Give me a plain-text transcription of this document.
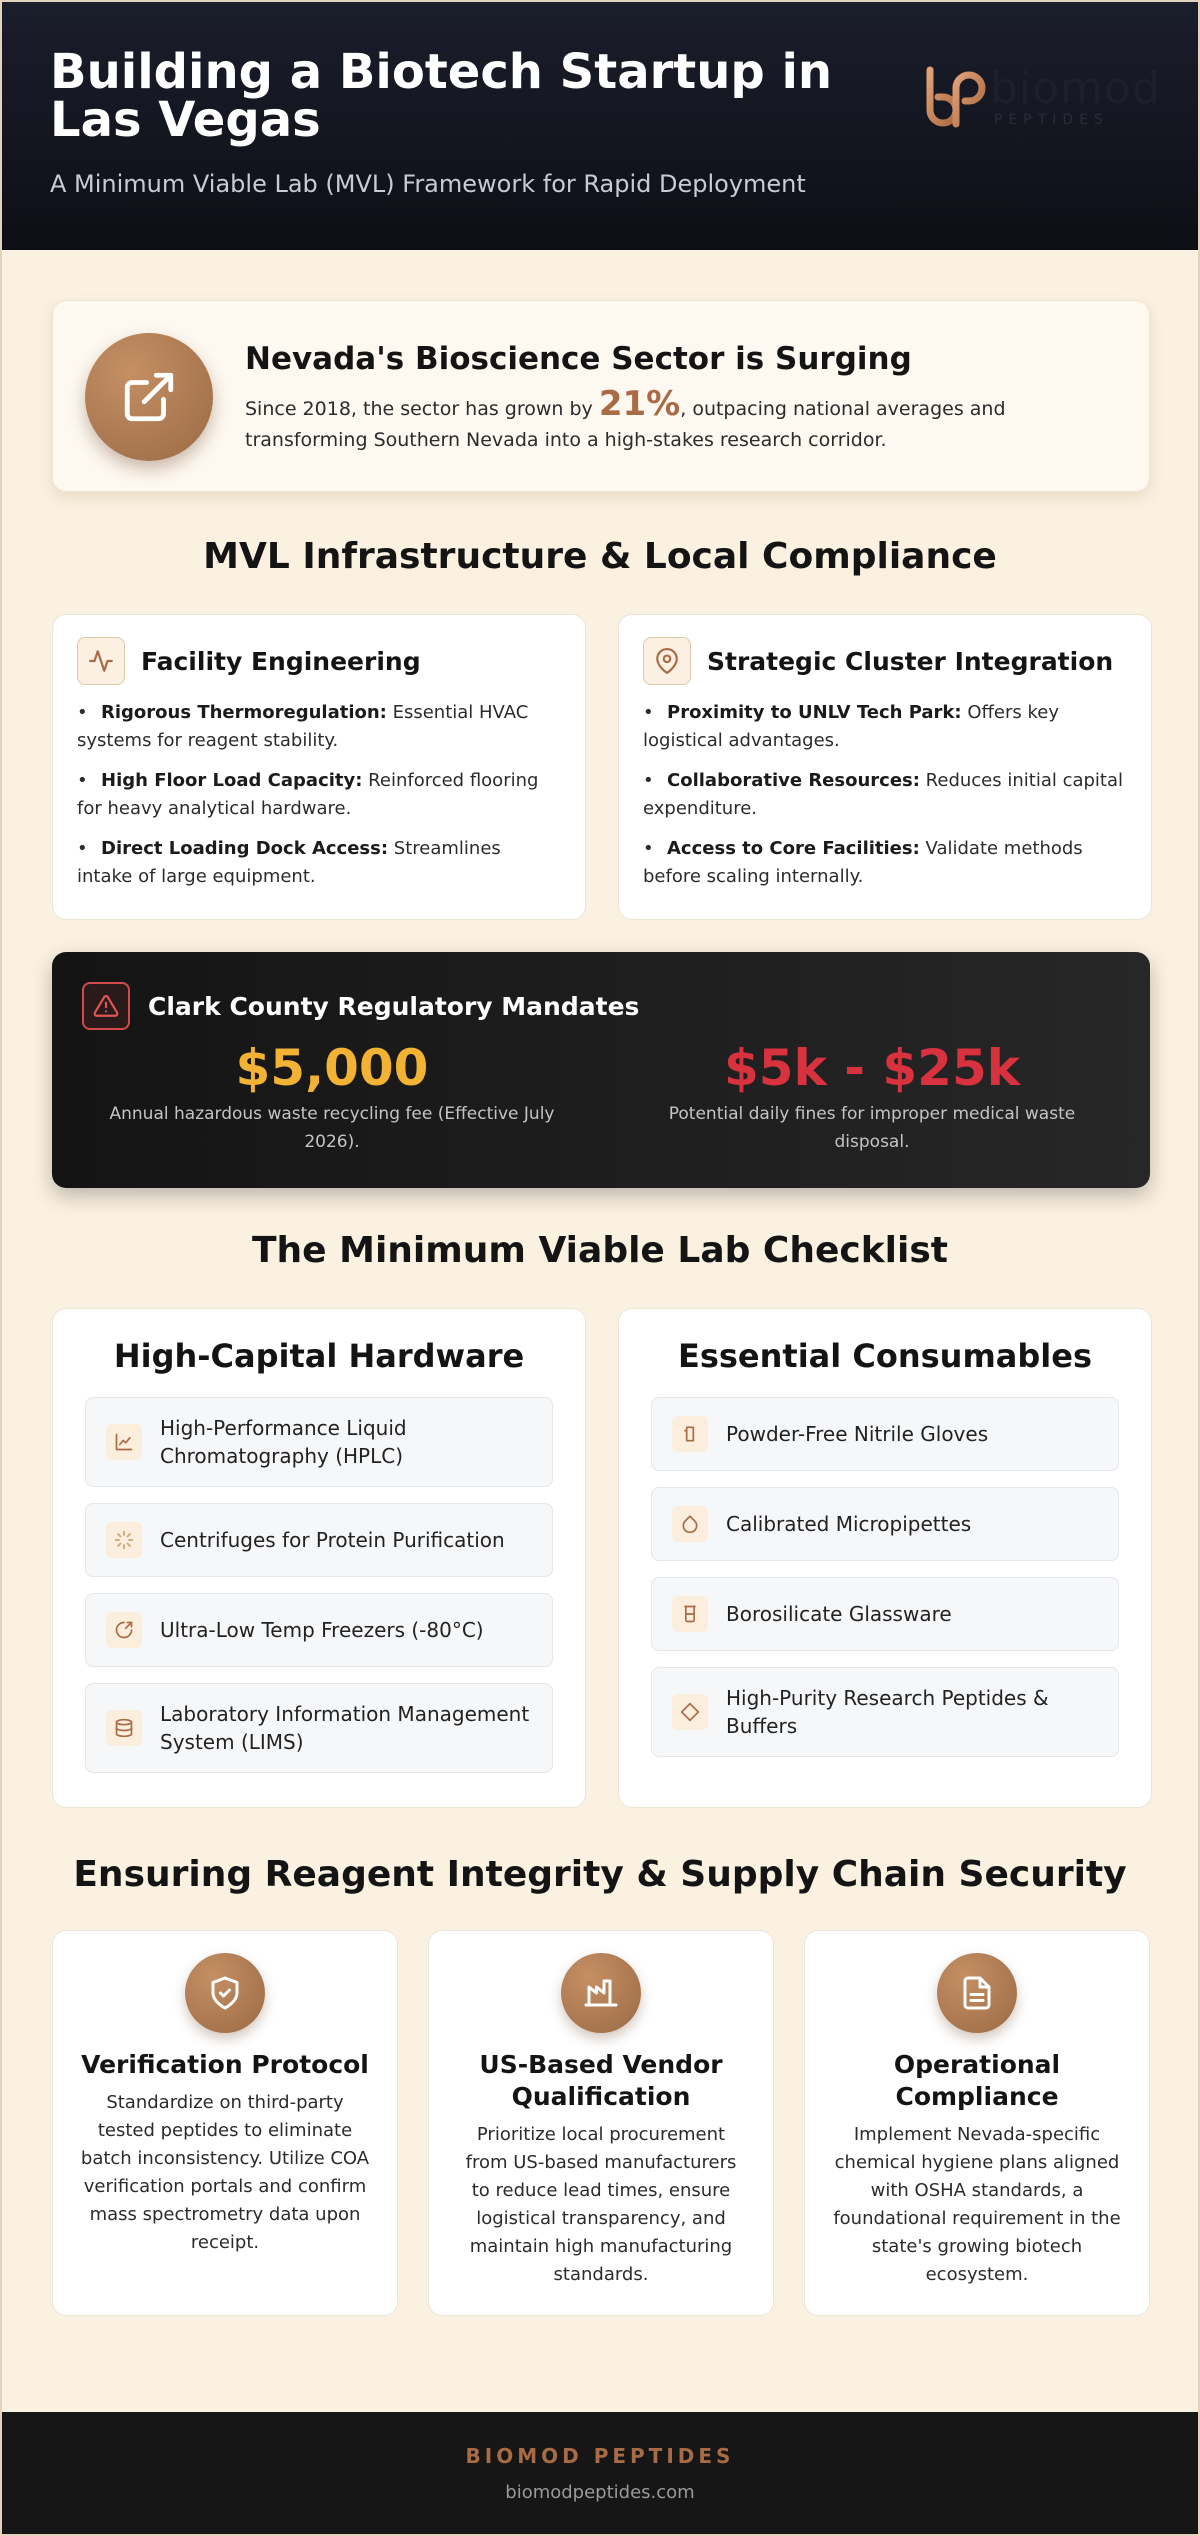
Building a Biotech Startup in Las Vegas
A Minimum Viable Lab (MVL) Framework for Rapid Deployment
biomod
PEPTIDES
Nevada's Bioscience Sector is Surging

Since 2018, the sector has grown by 21%, outpacing national averages and transforming Southern Nevada into a high-stakes research corridor.

MVL Infrastructure & Local Compliance
Facility Engineering
• Rigorous Thermoregulation: Essential HVAC systems for reagent stability.
• High Floor Load Capacity: Reinforced flooring for heavy analytical hardware.
• Direct Loading Dock Access: Streamlines intake of large equipment.
Strategic Cluster Integration
• Proximity to UNLV Tech Park: Offers key logistical advantages.
• Collaborative Resources: Reduces initial capital expenditure.
• Access to Core Facilities: Validate methods before scaling internally.
Clark County Regulatory Mandates
$5,000
Annual hazardous waste recycling fee (Effective July 2026).
$5k - $25k
Potential daily fines for improper medical waste disposal.
The Minimum Viable Lab Checklist
High-Capital Hardware
High-Performance Liquid Chromatography (HPLC)
Centrifuges for Protein Purification
Ultra-Low Temp Freezers (-80°C)
Laboratory Information Management System (LIMS)
Essential Consumables
Powder-Free Nitrile Gloves
Calibrated Micropipettes
Borosilicate Glassware
High-Purity Research Peptides & Buffers
Ensuring Reagent Integrity & Supply Chain Security
Verification Protocol

Standardize on third-party tested peptides to eliminate batch inconsistency. Utilize COA verification portals and confirm mass spectrometry data upon receipt.

US-Based Vendor Qualification

Prioritize local procurement from US-based manufacturers to reduce lead times, ensure logistical transparency, and maintain high manufacturing standards.

Operational Compliance

Implement Nevada-specific chemical hygiene plans aligned with OSHA standards, a foundational requirement in the state's growing biotech ecosystem.

BIOMOD PEPTIDES
biomodpeptides.com
